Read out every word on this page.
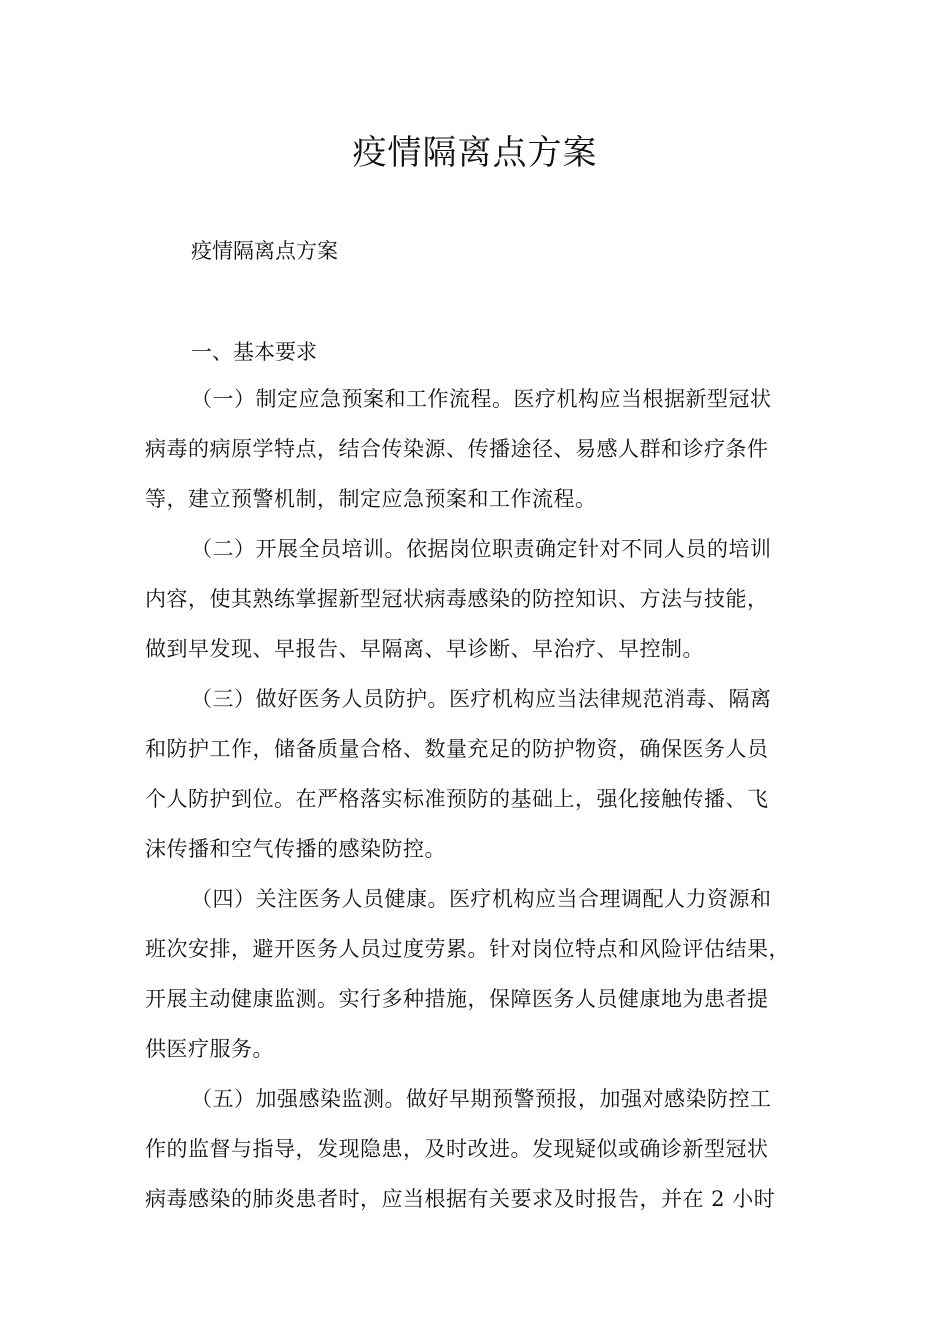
疫情隔离点方案
疫情隔离点方案
一、基本要求
（一）制定应急预案和工作流程。医疗机构应当根据新型冠状
病毒的病原学特点，结合传染源、传播途径、易感人群和诊疗条件
等，建立预警机制，制定应急预案和工作流程。
（二）开展全员培训。依据岗位职责确定针对不同人员的培训
内容，使其熟练掌握新型冠状病毒感染的防控知识、方法与技能，
做到早发现、早报告、早隔离、早诊断、早治疗、早控制。
（三）做好医务人员防护。医疗机构应当法律规范消毒、隔离
和防护工作，储备质量合格、数量充足的防护物资，确保医务人员
个人防护到位。在严格落实标准预防的基础上，强化接触传播、飞
沫传播和空气传播的感染防控。
（四）关注医务人员健康。医疗机构应当合理调配人力资源和
班次安排，避开医务人员过度劳累。针对岗位特点和风险评估结果，
开展主动健康监测。实行多种措施，保障医务人员健康地为患者提
供医疗服务。
（五）加强感染监测。做好早期预警预报，加强对感染防控工
作的监督与指导，发现隐患，及时改进。发现疑似或确诊新型冠状
病毒感染的肺炎患者时，应当根据有关要求及时报告，并在 2 小时
